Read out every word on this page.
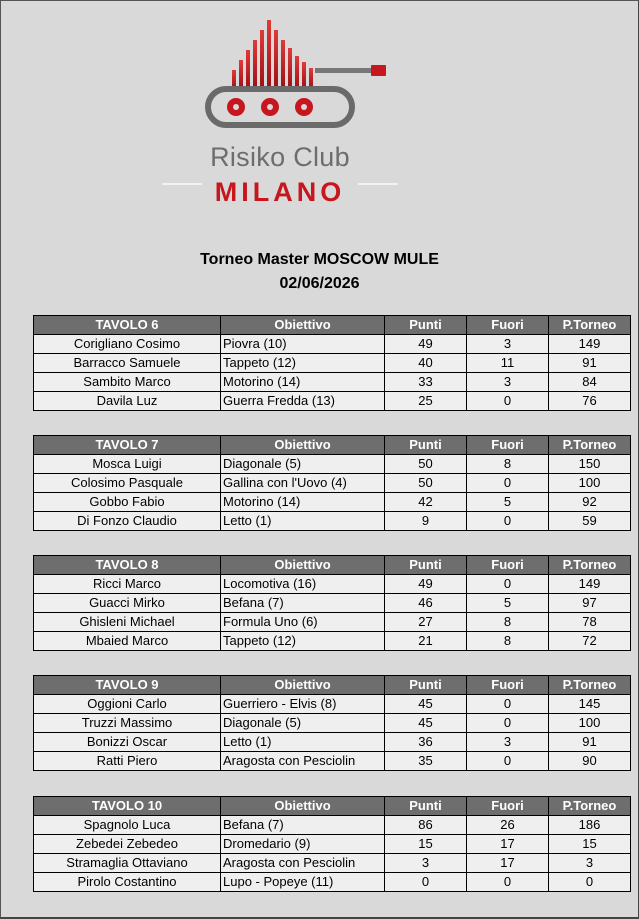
Risiko Club
MILANO
Torneo Master MOSCOW MULE
02/06/2026
TAVOLO 6	Obiettivo	Punti	Fuori	P.Torneo
Corigliano Cosimo	Piovra (10)	49	3	149
Barracco Samuele	Tappeto (12)	40	11	91
Sambito Marco	Motorino (14)	33	3	84
Davila Luz	Guerra Fredda (13)	25	0	76
TAVOLO 7	Obiettivo	Punti	Fuori	P.Torneo
Mosca Luigi	Diagonale (5)	50	8	150
Colosimo Pasquale	Gallina con l'Uovo (4)	50	0	100
Gobbo Fabio	Motorino (14)	42	5	92
Di Fonzo Claudio	Letto (1)	9	0	59
TAVOLO 8	Obiettivo	Punti	Fuori	P.Torneo
Ricci Marco	Locomotiva (16)	49	0	149
Guacci Mirko	Befana (7)	46	5	97
Ghisleni Michael	Formula Uno (6)	27	8	78
Mbaied Marco	Tappeto (12)	21	8	72
TAVOLO 9	Obiettivo	Punti	Fuori	P.Torneo
Oggioni Carlo	Guerriero - Elvis (8)	45	0	145
Truzzi Massimo	Diagonale (5)	45	0	100
Bonizzi Oscar	Letto (1)	36	3	91
Ratti Piero	Aragosta con Pesciolin	35	0	90
TAVOLO 10	Obiettivo	Punti	Fuori	P.Torneo
Spagnolo Luca	Befana (7)	86	26	186
Zebedei Zebedeo	Dromedario (9)	15	17	15
Stramaglia Ottaviano	Aragosta con Pesciolin	3	17	3
Pirolo Costantino	Lupo - Popeye (11)	0	0	0
